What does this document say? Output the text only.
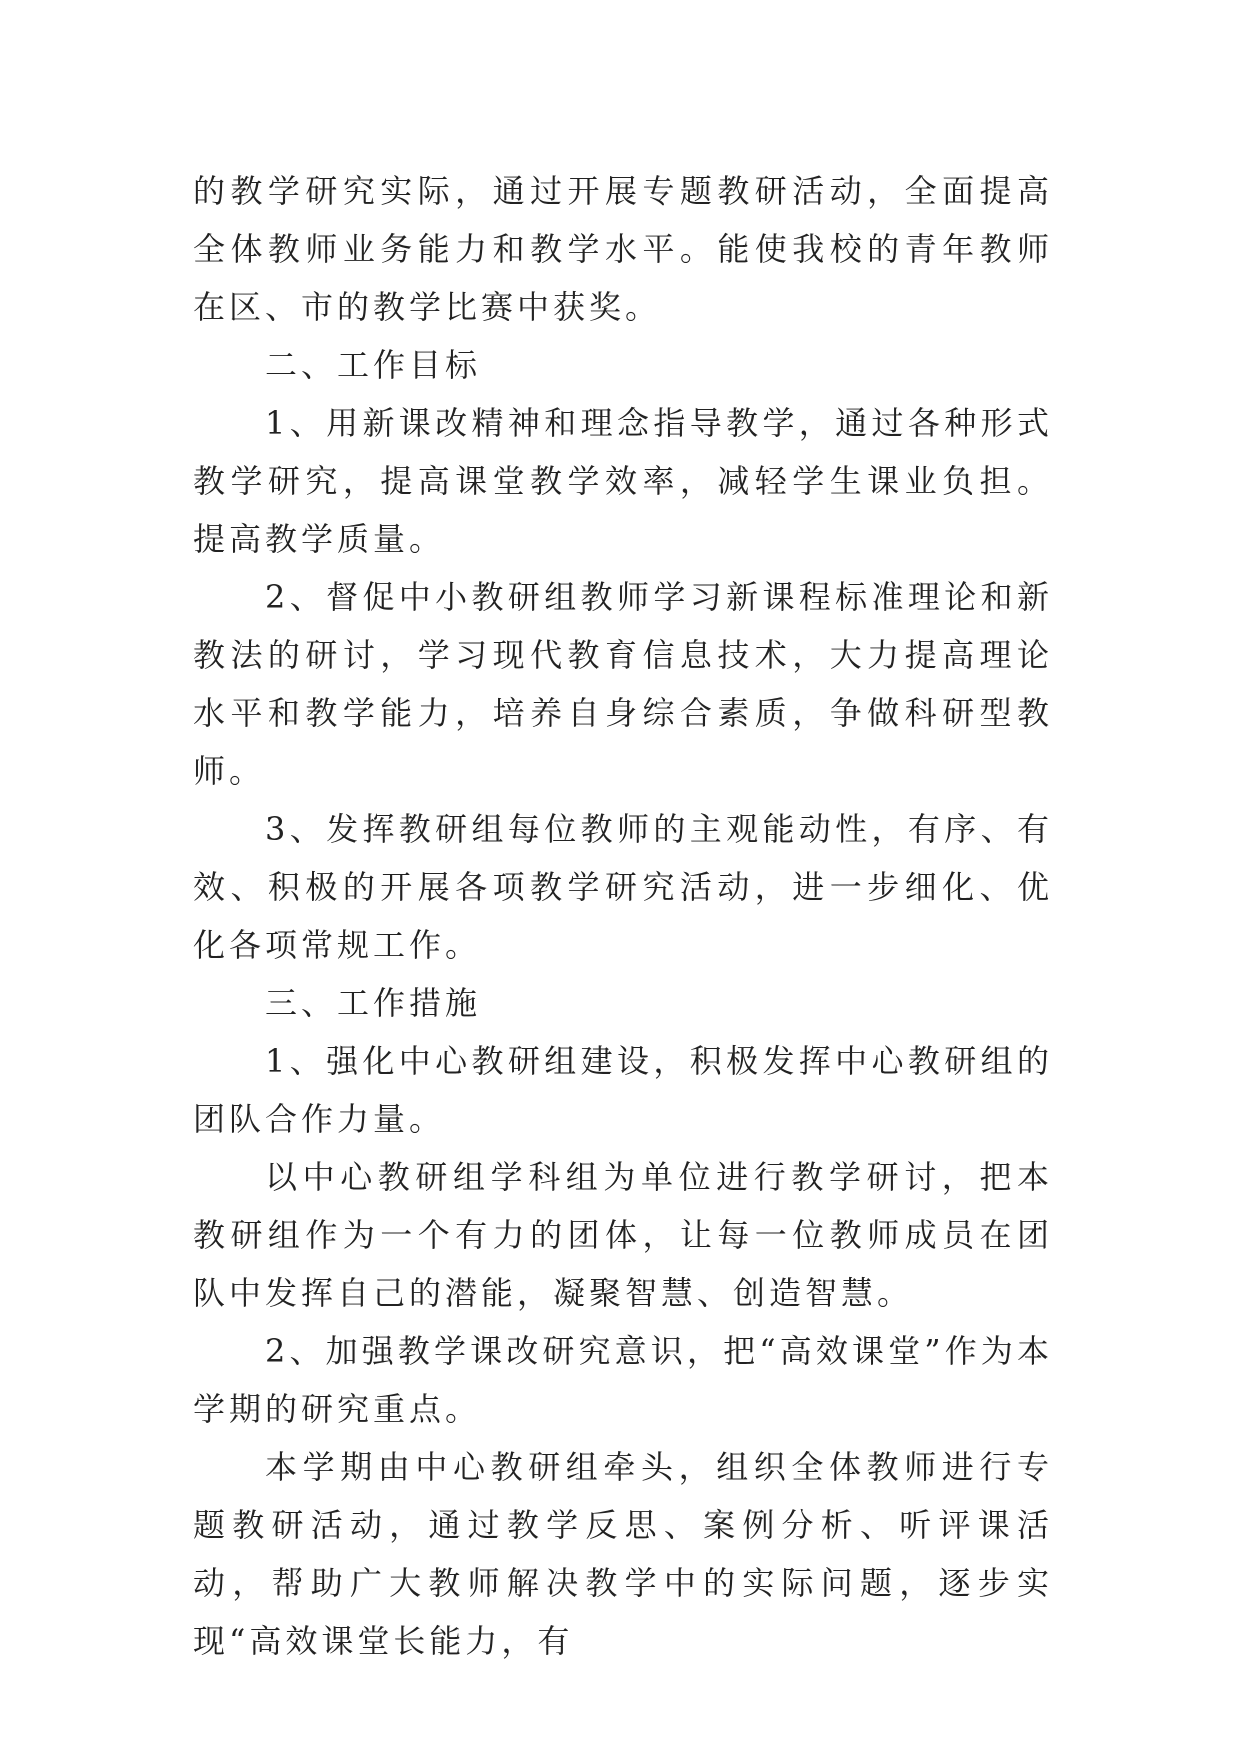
的教学研究实际，通过开展专题教研活动，全面提高全体教师业务能力和教学水平。能使我校的青年教师在区、市的教学比赛中获奖。

二、工作目标

1、用新课改精神和理念指导教学，通过各种形式教学研究，提高课堂教学效率，减轻学生课业负担。提高教学质量。

2、督促中小教研组教师学习新课程标准理论和新教法的研讨，学习现代教育信息技术，大力提高理论水平和教学能力，培养自身综合素质，争做科研型教师。

3、发挥教研组每位教师的主观能动性，有序、有效、积极的开展各项教学研究活动，进一步细化、优化各项常规工作。

三、工作措施

1、强化中心教研组建设，积极发挥中心教研组的团队合作力量。

以中心教研组学科组为单位进行教学研讨，把本教研组作为一个有力的团体，让每一位教师成员在团队中发挥自己的潜能，凝聚智慧、创造智慧。

2、加强教学课改研究意识，把“高效课堂”作为本学期的研究重点。

本学期由中心教研组牵头，组织全体教师进行专题教研活动，通过教学反思、案例分析、听评课活动，帮助广大教师解决教学中的实际问题，逐步实现“高效课堂长能力，有
